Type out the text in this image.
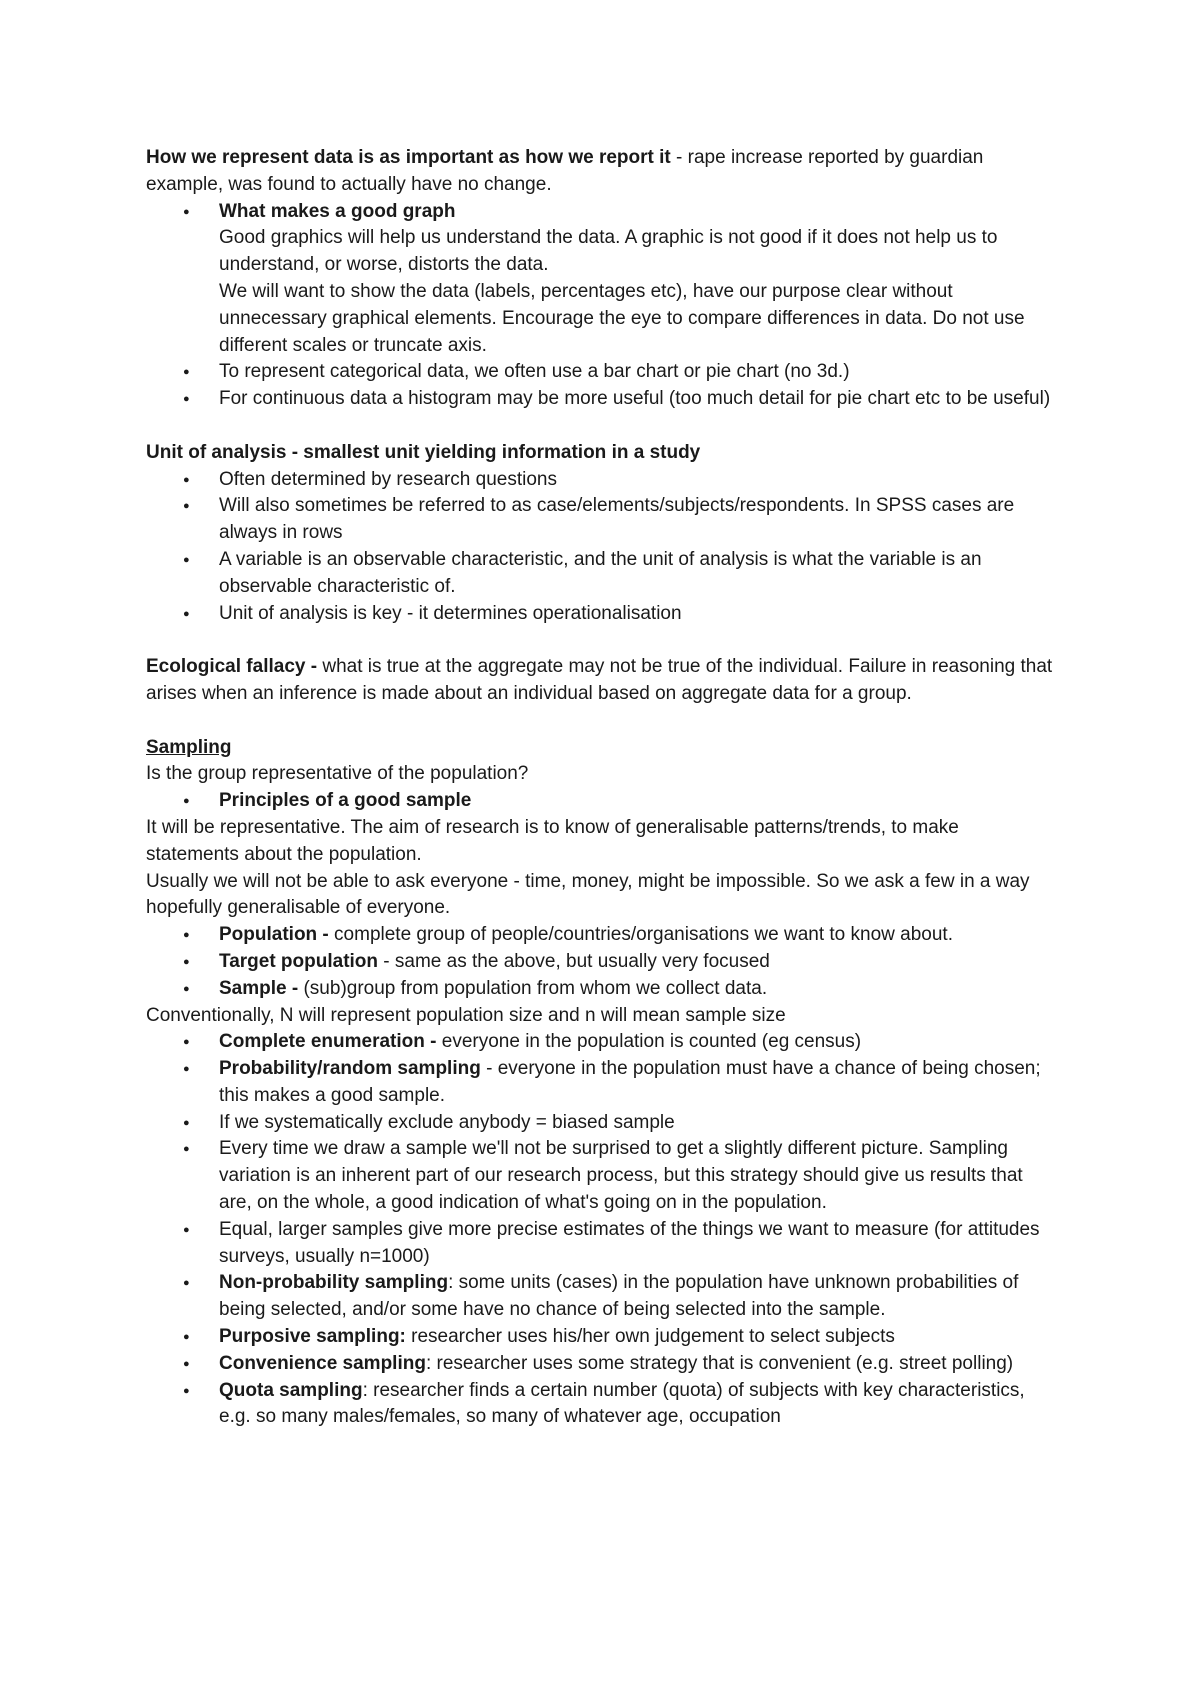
How we represent data is as important as how we report it - rape increase reported by guardian example, was found to actually have no change.

● What makes a good graph
Good graphics will help us understand the data. A graphic is not good if it does not help us to understand, or worse, distorts the data.
We will want to show the data (labels, percentages etc), have our purpose clear without unnecessary graphical elements. Encourage the eye to compare differences in data. Do not use different scales or truncate axis.
● To represent categorical data, we often use a bar chart or pie chart (no 3d.)
● For continuous data a histogram may be more useful (too much detail for pie chart etc to be useful)

Unit of analysis - smallest unit yielding information in a study

● Often determined by research questions
● Will also sometimes be referred to as case/elements/subjects/respondents. In SPSS cases are always in rows
● A variable is an observable characteristic, and the unit of analysis is what the variable is an observable characteristic of.
● Unit of analysis is key - it determines operationalisation

Ecological fallacy - what is true at the aggregate may not be true of the individual. Failure in reasoning that arises when an inference is made about an individual based on aggregate data for a group.

Sampling

Is the group representative of the population?

● Principles of a good sample

It will be representative. The aim of research is to know of generalisable patterns/trends, to make statements about the population.

Usually we will not be able to ask everyone - time, money, might be impossible. So we ask a few in a way hopefully generalisable of everyone.

● Population - complete group of people/countries/organisations we want to know about.
● Target population - same as the above, but usually very focused
● Sample - (sub)group from population from whom we collect data.

Conventionally, N will represent population size and n will mean sample size

● Complete enumeration - everyone in the population is counted (eg census)
● Probability/random sampling - everyone in the population must have a chance of being chosen; this makes a good sample.
● If we systematically exclude anybody = biased sample
● Every time we draw a sample we'll not be surprised to get a slightly different picture. Sampling variation is an inherent part of our research process, but this strategy should give us results that are, on the whole, a good indication of what's going on in the population.
● Equal, larger samples give more precise estimates of the things we want to measure (for attitudes surveys, usually n=1000)
● Non-probability sampling: some units (cases) in the population have unknown probabilities of being selected, and/or some have no chance of being selected into the sample.
● Purposive sampling: researcher uses his/her own judgement to select subjects
● Convenience sampling: researcher uses some strategy that is convenient (e.g. street polling)
● Quota sampling: researcher finds a certain number (quota) of subjects with key characteristics, e.g. so many males/females, so many of whatever age, occupation
